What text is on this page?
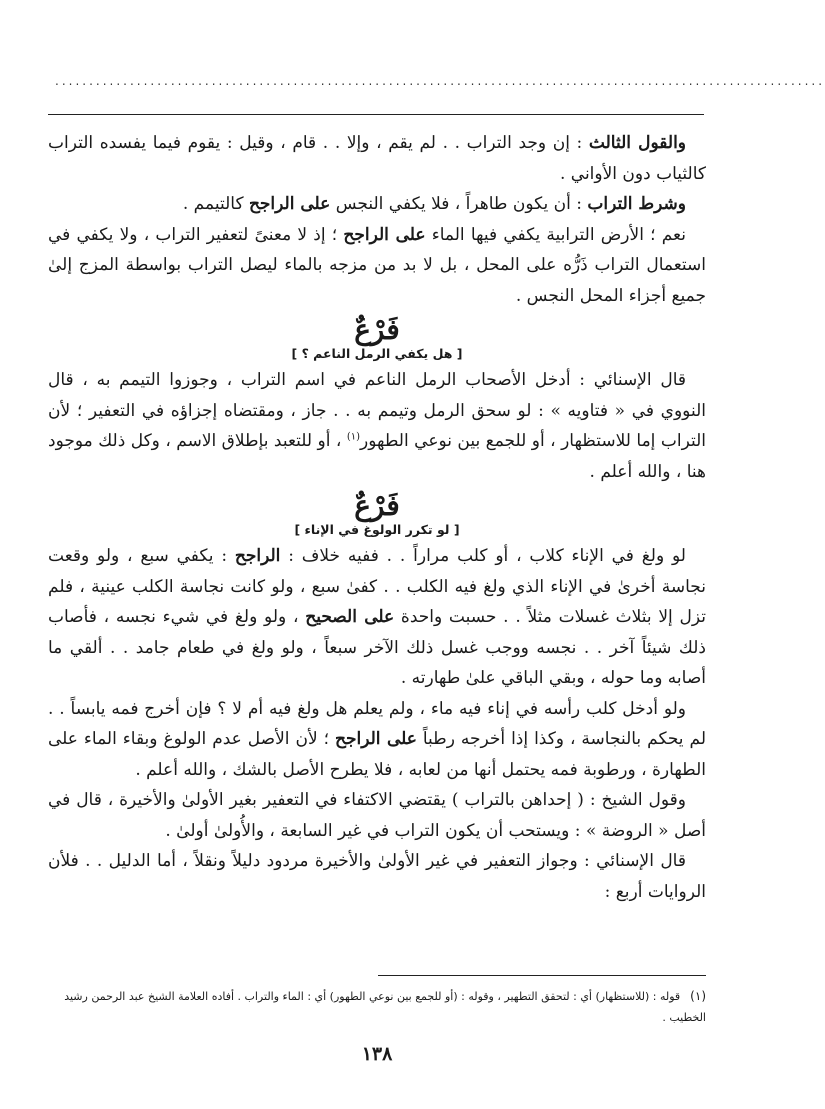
.................................................................................................................

والقول الثالث : إن وجد التراب . . لم يقم ، وإلا . . قام ، وقيل : يقوم فيما يفسده التراب كالثياب دون الأواني .

وشرط التراب : أن يكون طاهراً ، فلا يكفي النجس على الراجح كالتيمم .

نعم ؛ الأرض الترابية يكفي فيها الماء على الراجح ؛ إذ لا معنىً لتعفير التراب ، ولا يكفي في استعمال التراب ذَرُّه على المحل ، بل لا بد من مزجه بالماء ليصل التراب بواسطة المزج إلىٰ جميع أجزاء المحل النجس .

فَرْعٌ
[ هل يكفي الرمل الناعم ؟ ]

قال الإسنائي : أدخل الأصحاب الرمل الناعم في اسم التراب ، وجوزوا التيمم به ، قال النووي في « فتاويه » : لو سحق الرمل وتيمم به . . جاز ، ومقتضاه إجزاؤه في التعفير ؛ لأن التراب إما للاستظهار ، أو للجمع بين نوعي الطهور$^{(١)}$ ، أو للتعبد بإطلاق الاسم ، وكل ذلك موجود هنا ، والله أعلم .

فَرْعٌ
[ لو تكرر الولوغ في الإناء ]

لو ولغ في الإناء كلاب ، أو كلب مراراً . . ففيه خلاف : الراجح : يكفي سبع ، ولو وقعت نجاسة أخرىٰ في الإناء الذي ولغ فيه الكلب . . كفىٰ سبع ، ولو كانت نجاسة الكلب عينية ، فلم تزل إلا بثلاث غسلات مثلاً . . حسبت واحدة على الصحيح ، ولو ولغ في شيء نجسه ، فأصاب ذلك شيئاً آخر . . نجسه ووجب غسل ذلك الآخر سبعاً ، ولو ولغ في طعام جامد . . ألقي ما أصابه وما حوله ، وبقي الباقي علىٰ طهارته .

ولو أدخل كلب رأسه في إناء فيه ماء ، ولم يعلم هل ولغ فيه أم لا ؟ فإن أخرج فمه يابساً . . لم يحكم بالنجاسة ، وكذا إذا أخرجه رطباً على الراجح ؛ لأن الأصل عدم الولوغ وبقاء الماء على الطهارة ، ورطوبة فمه يحتمل أنها من لعابه ، فلا يطرح الأصل بالشك ، والله أعلم .

وقول الشيخ : ( إحداهن بالتراب ) يقتضي الاكتفاء في التعفير بغير الأولىٰ والأخيرة ، قال في أصل « الروضة » : ويستحب أن يكون التراب في غير السابعة ، والأُولىٰ أولىٰ .

قال الإسنائي : وجواز التعفير في غير الأولىٰ والأخيرة مردود دليلاً ونقلاً ، أما الدليل . . فلأن الروايات أربع :

(١)قوله : (للاستظهار) أي : لتحقق التطهير ، وقوله : (أو للجمع بين نوعي الطهور) أي : الماء والتراب . أفاده العلامة الشيخ عبد الرحمن رشيد الخطيب .
١٣٨
